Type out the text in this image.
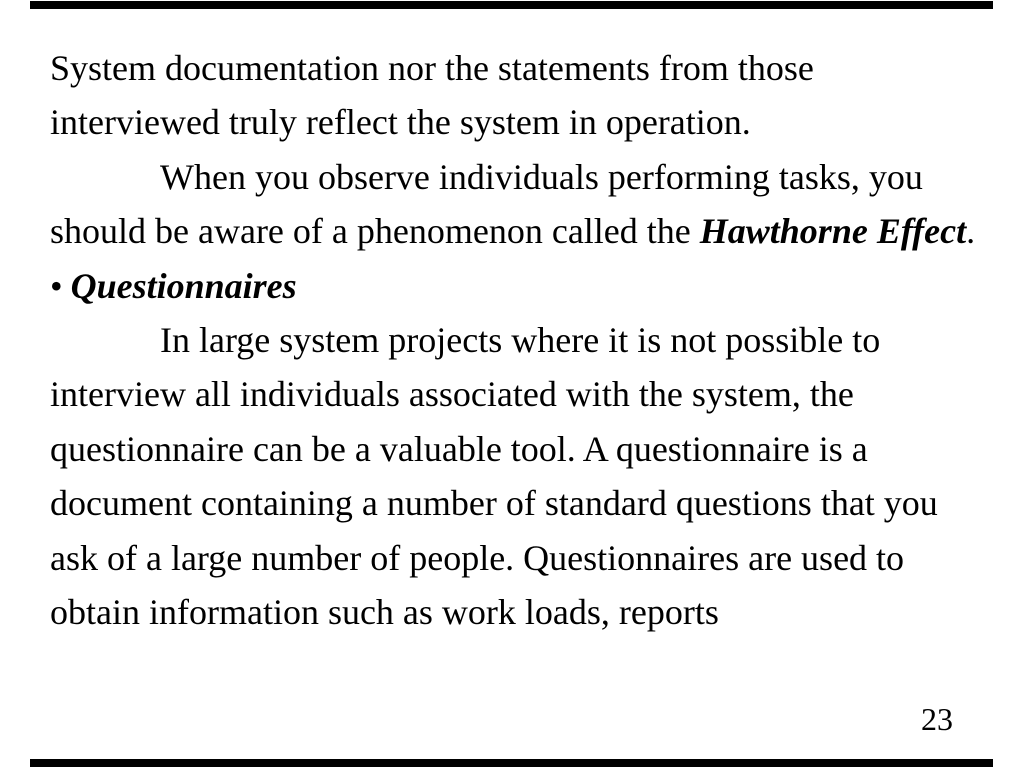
System documentation nor the statements from those interviewed truly reflect the system in operation.

When you observe individuals performing tasks, you should be aware of a phenomenon called the Hawthorne Effect.

• Questionnaires

In large system projects where it is not possible to interview all individuals associated with the system, the questionnaire can be a valuable tool. A questionnaire is a document containing a number of standard questions that you ask of a large number of people. Questionnaires are used to obtain information such as work loads, reports

23
